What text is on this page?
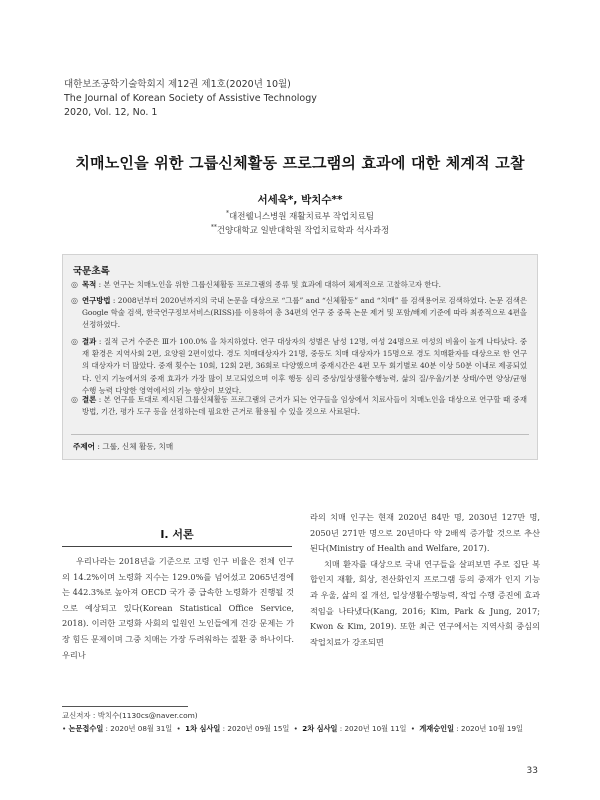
대한보조공학기술학회지 제12권 제1호(2020년 10월)
The Journal of Korean Society of Assistive Technology
2020, Vol. 12, No. 1
치매노인을 위한 그룹신체활동 프로그램의 효과에 대한 체계적 고찰
서세욱*, 박치수**
*대전웰니스병원 재활치료부 작업치료팀
**건양대학교 일반대학원 작업치료학과 석사과정
국문초록
◎ 목적 : 본 연구는 치매노인을 위한 그룹신체활동 프로그램의 종류 및 효과에 대하여 체계적으로 고찰하고자 한다.
◎ 연구방법 : 2008년부터 2020년까지의 국내 논문을 대상으로 “그룹” and “신체활동” and “치매” 를 검색용어로 검색하였다. 논문 검색은 Google 학술 검색, 한국연구정보서비스(RISS)를 이용하여 총 34편의 연구 중 중복 논문 제거 및 포함/배제 기준에 따라 최종적으로 4편을 선정하였다.
◎ 결과 : 질적 근거 수준은 Ⅲ가 100.0% 을 차지하였다. 연구 대상자의 성별은 남성 12명, 여성 24명으로 여성의 비율이 높게 나타났다. 중재 환경은 지역사회 2편, 요양원 2편이었다. 경도 치매대상자가 21명, 중등도 치매 대상자가 15명으로 경도 치매환자를 대상으로 한 연구의 대상자가 더 많았다. 중재 횟수는 10회, 12회 2편, 36회로 다양했으며 중재시간은 4편 모두 회기별로 40분 이상 50분 이내로 제공되었다. 인지 기능에서의 중재 효과가 가장 많이 보고되었으며 이후 행동 심리 증상/일상생활수행능력, 삶의 질/우울/기분 상태/수면 양상/균형 수행 능력 다양한 영역에서의 기능 향상이 보였다.
◎ 결론 : 본 연구를 토대로 제시된 그룹신체활동 프로그램의 근거가 되는 연구들을 임상에서 치료사들이 치매노인을 대상으로 연구할 때 중재 방법, 기간, 평가 도구 등을 선정하는데 필요한 근거로 활용될 수 있을 것으로 사료된다.
주제어 : 그룹, 신체 활동, 치매
Ⅰ. 서론

우리나라는 2018년을 기준으로 고령 인구 비율은 전체 인구의 14.2%이며 노령화 지수는 129.0%를 넘어섰고 2065년경에는 442.3%로 높아져 OECD 국가 중 급속한 노령화가 진행될 것으로 예상되고 있다(Korean Statistical Office Service, 2018). 이러한 고령화 사회의 일원인 노인들에게 건강 문제는 가장 힘든 문제이며 그중 치매는 가장 두려워하는 질환 중 하나이다. 우리나

라의 치매 인구는 현재 2020년 84만 명, 2030년 127만 명, 2050년 271만 명으로 20년마다 약 2배씩 증가할 것으로 추산된다(Ministry of Health and Welfare, 2017).

치매 환자를 대상으로 국내 연구들을 살펴보면 주로 집단 복합인지 재활, 회상, 전산화인지 프로그램 등의 중재가 인지 기능과 우울, 삶의 질 개선, 일상생활수행능력, 작업 수행 증진에 효과적임을 나타냈다(Kang, 2016; Kim, Park & Jung, 2017; Kwon & Kim, 2019). 또한 최근 연구에서는 지역사회 중심의 작업치료가 강조되면

교신저자 : 박치수(1130cs@naver.com)
• 논문접수일 : 2020년 08월 31일 • 1차 심사일 : 2020년 09월 15일 • 2차 심사일 : 2020년 10월 11일 • 게재승인일 : 2020년 10월 19일
33
